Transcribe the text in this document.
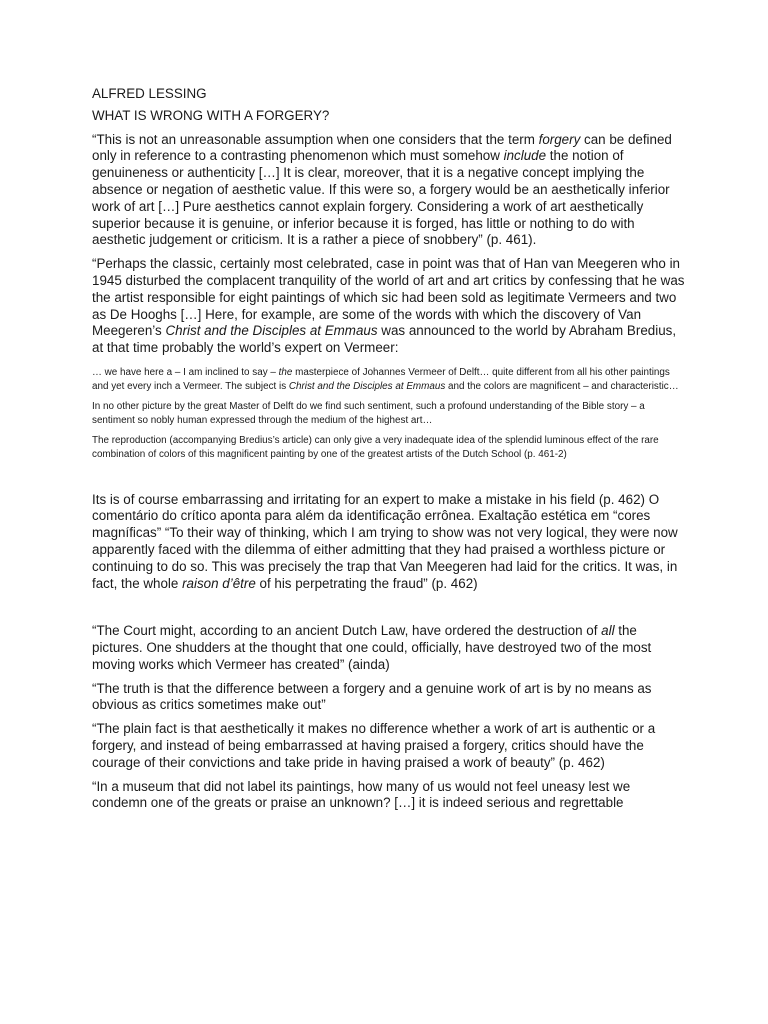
ALFRED LESSING

WHAT IS WRONG WITH A FORGERY?

“This is not an unreasonable assumption when one considers that the term forgery can be defined only in reference to a contrasting phenomenon which must somehow include the notion of genuineness or authenticity […] It is clear, moreover, that it is a negative concept implying the absence or negation of aesthetic value. If this were so, a forgery would be an aesthetically inferior work of art […] Pure aesthetics cannot explain forgery. Considering a work of art aesthetically superior because it is genuine, or inferior because it is forged, has little or nothing to do with aesthetic judgement or criticism. It is a rather a piece of snobbery” (p. 461).

“Perhaps the classic, certainly most celebrated, case in point was that of Han van Meegeren who in 1945 disturbed the complacent tranquility of the world of art and art critics by confessing that he was the artist responsible for eight paintings of which sic had been sold as legitimate Vermeers and two as De Hooghs […] Here, for example, are some of the words with which the discovery of Van Meegeren’s Christ and the Disciples at Emmaus was announced to the world by Abraham Bredius, at that time probably the world’s expert on Vermeer:

… we have here a – I am inclined to say – the masterpiece of Johannes Vermeer of Delft… quite different from all his other paintings and yet every inch a Vermeer. The subject is Christ and the Disciples at Emmaus and the colors are magnificent – and characteristic…

In no other picture by the great Master of Delft do we find such sentiment, such a profound understanding of the Bible story – a sentiment so nobly human expressed through the medium of the highest art…

The reproduction (accompanying Bredius’s article) can only give a very inadequate idea of the splendid luminous effect of the rare combination of colors of this magnificent painting by one of the greatest artists of the Dutch School (p. 461-2)

Its is of course embarrassing and irritating for an expert to make a mistake in his field (p. 462) O comentário do crítico aponta para além da identificação errônea. Exaltação estética em “cores magníficas” “To their way of thinking, which I am trying to show was not very logical, they were now apparently faced with the dilemma of either admitting that they had praised a worthless picture or continuing to do so. This was precisely the trap that Van Meegeren had laid for the critics. It was, in fact, the whole raison d’être of his perpetrating the fraud” (p. 462)

“The Court might, according to an ancient Dutch Law, have ordered the destruction of all the pictures. One shudders at the thought that one could, officially, have destroyed two of the most moving works which Vermeer has created” (ainda)

“The truth is that the difference between a forgery and a genuine work of art is by no means as obvious as critics sometimes make out”

“The plain fact is that aesthetically it makes no difference whether a work of art is authentic or a forgery, and instead of being embarrassed at having praised a forgery, critics should have the courage of their convictions and take pride in having praised a work of beauty” (p. 462)

“In a museum that did not label its paintings, how many of us would not feel uneasy lest we condemn one of the greats or praise an unknown? […] it is indeed serious and regrettable
